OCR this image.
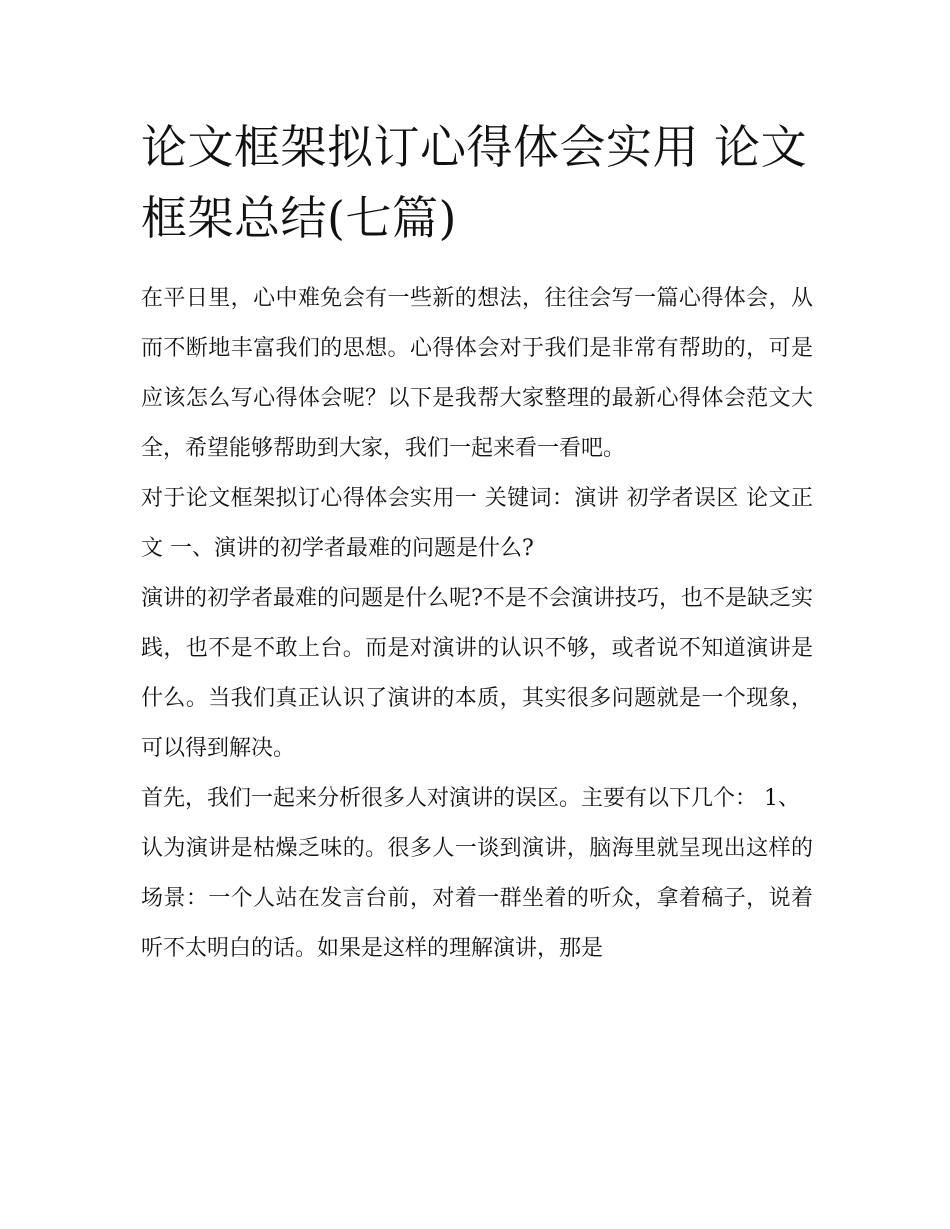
论文框架拟订心得体会实用 论文框架总结(七篇)

在平日里，心中难免会有一些新的想法，往往会写一篇心得体会，从而不断地丰富我们的思想。心得体会对于我们是非常有帮助的，可是应该怎么写心得体会呢？以下是我帮大家整理的最新心得体会范文大全，希望能够帮助到大家，我们一起来看一看吧。

对于论文框架拟订心得体会实用一 关键词：演讲 初学者误区 论文正文 一、演讲的初学者最难的问题是什么?

演讲的初学者最难的问题是什么呢?不是不会演讲技巧，也不是缺乏实践，也不是不敢上台。而是对演讲的认识不够，或者说不知道演讲是什么。当我们真正认识了演讲的本质，其实很多问题就是一个现象，可以得到解决。

首先，我们一起来分析很多人对演讲的误区。主要有以下几个： 1、

认为演讲是枯燥乏味的。很多人一谈到演讲，脑海里就呈现出这样的场景：一个人站在发言台前，对着一群坐着的听众，拿着稿子，说着听不太明白的话。如果是这样的理解演讲，那是
